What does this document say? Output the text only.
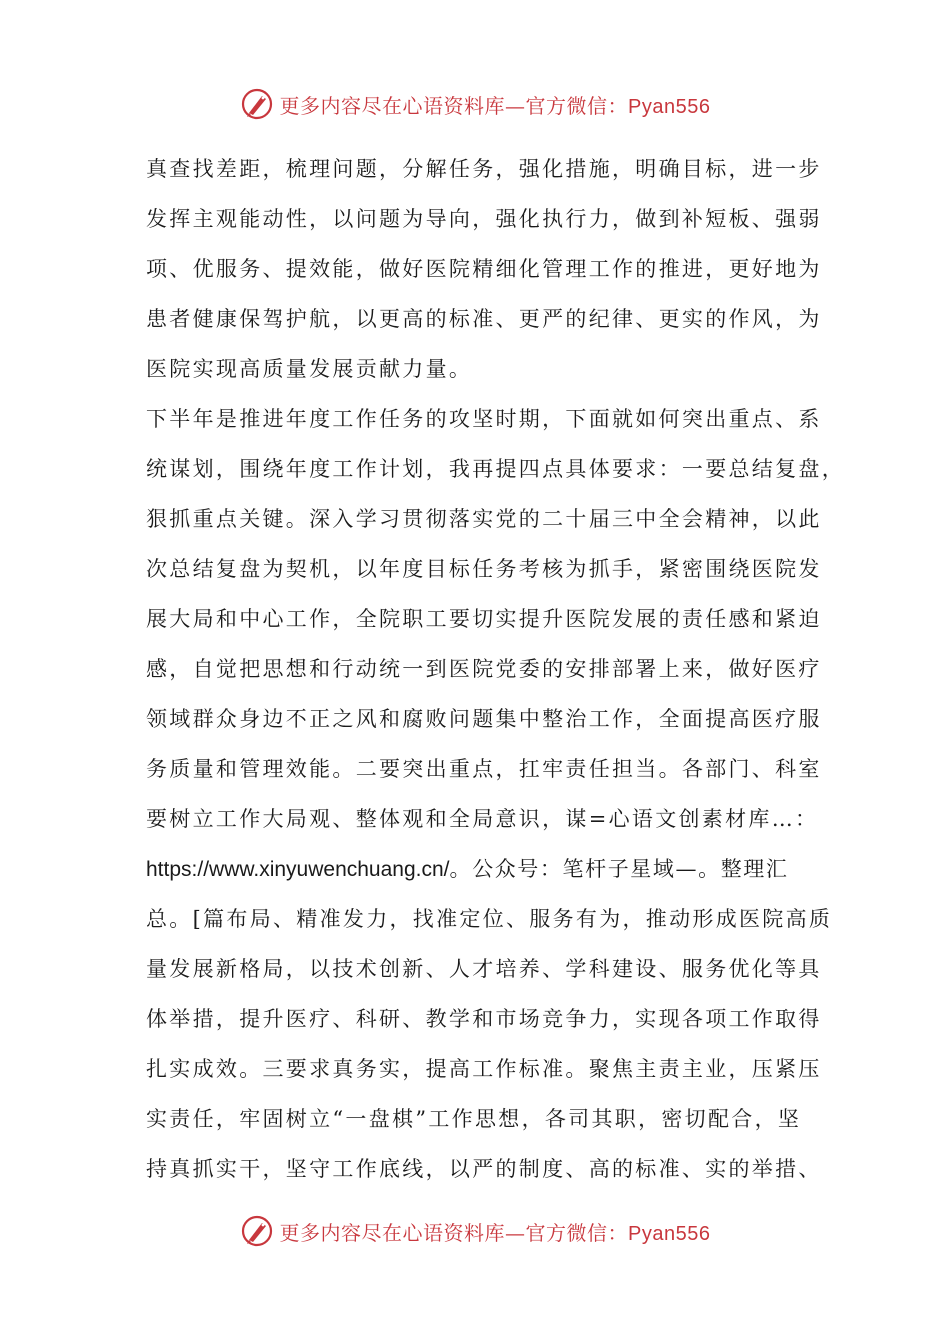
更多内容尽在心语资料库—官方微信：Pyan556
真查找差距，梳理问题，分解任务，强化措施，明确目标，进一步
发挥主观能动性，以问题为导向，强化执行力，做到补短板、强弱
项、优服务、提效能，做好医院精细化管理工作的推进，更好地为
患者健康保驾护航，以更高的标准、更严的纪律、更实的作风，为
医院实现高质量发展贡献力量。
下半年是推进年度工作任务的攻坚时期，下面就如何突出重点、系
统谋划，围绕年度工作计划，我再提四点具体要求：一要总结复盘，
狠抓重点关键。深入学习贯彻落实党的二十届三中全会精神，以此
次总结复盘为契机，以年度目标任务考核为抓手，紧密围绕医院发
展大局和中心工作，全院职工要切实提升医院发展的责任感和紧迫
感，自觉把思想和行动统一到医院党委的安排部署上来，做好医疗
领域群众身边不正之风和腐败问题集中整治工作，全面提高医疗服
务质量和管理效能。二要突出重点，扛牢责任担当。各部门、科室
要树立工作大局观、整体观和全局意识，谋=心语文创素材库…：
https://www.xinyuwenchuang.cn/。公众号：笔杆子星域—。整理汇
总。[篇布局、精准发力，找准定位、服务有为，推动形成医院高质
量发展新格局，以技术创新、人才培养、学科建设、服务优化等具
体举措，提升医疗、科研、教学和市场竞争力，实现各项工作取得
扎实成效。三要求真务实，提高工作标准。聚焦主责主业，压紧压
实责任，牢固树立“一盘棋”工作思想，各司其职，密切配合，坚
持真抓实干，坚守工作底线，以严的制度、高的标准、实的举措、
更多内容尽在心语资料库—官方微信：Pyan556
